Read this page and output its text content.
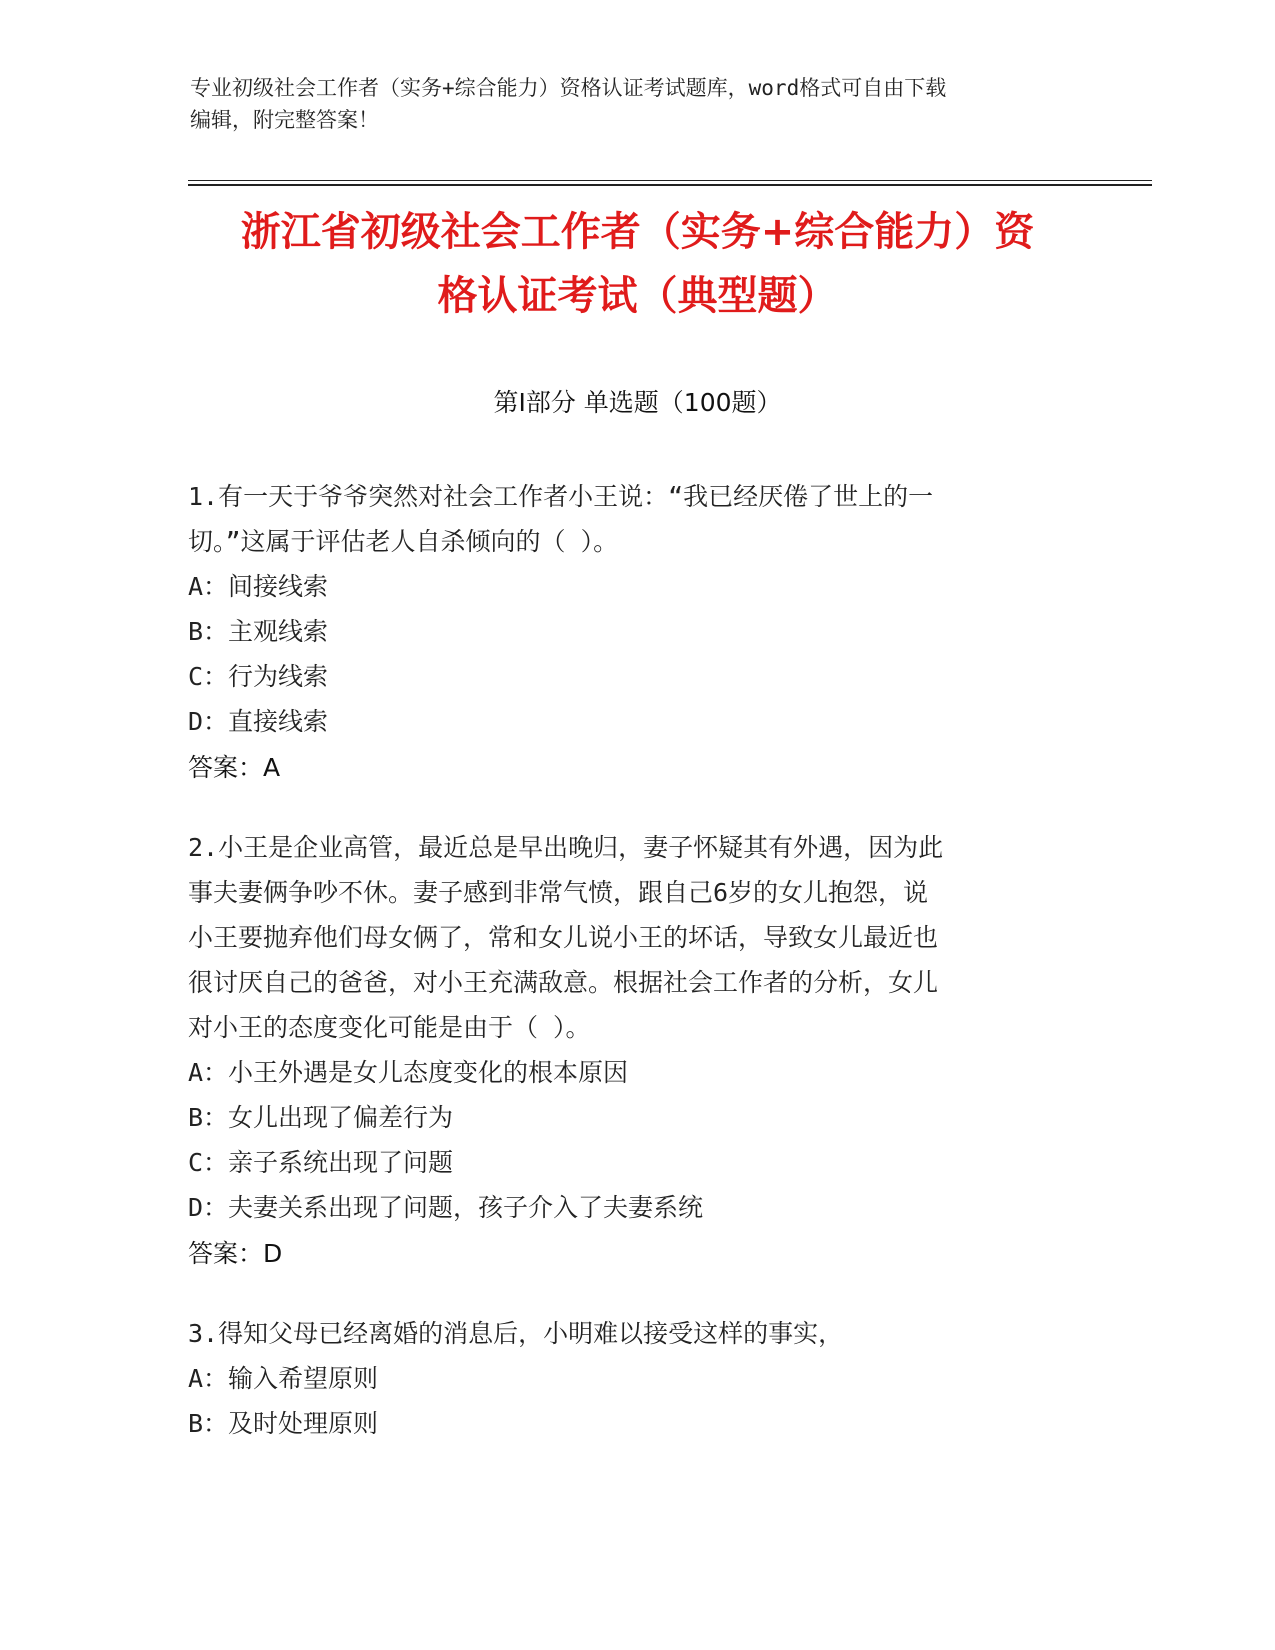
专业初级社会工作者（实务+综合能力）资格认证考试题库，word格式可自由下载
编辑，附完整答案！
浙江省初级社会工作者（实务+综合能力）资
格认证考试（典型题）
第Ⅰ部分 单选题（100题）
1.有一天于爷爷突然对社会工作者小王说：“我已经厌倦了世上的一
切。”这属于评估老人自杀倾向的（ ）。
A：间接线索
B：主观线索
C：行为线索
D：直接线索
答案：A
2.小王是企业高管，最近总是早出晚归，妻子怀疑其有外遇，因为此
事夫妻俩争吵不休。妻子感到非常气愤，跟自己6岁的女儿抱怨，说
小王要抛弃他们母女俩了，常和女儿说小王的坏话，导致女儿最近也
很讨厌自己的爸爸，对小王充满敌意。根据社会工作者的分析，女儿
对小王的态度变化可能是由于（ ）。
A：小王外遇是女儿态度变化的根本原因
B：女儿出现了偏差行为
C：亲子系统出现了问题
D：夫妻关系出现了问题，孩子介入了夫妻系统
答案：D
3.得知父母已经离婚的消息后，小明难以接受这样的事实，
A：输入希望原则
B：及时处理原则
